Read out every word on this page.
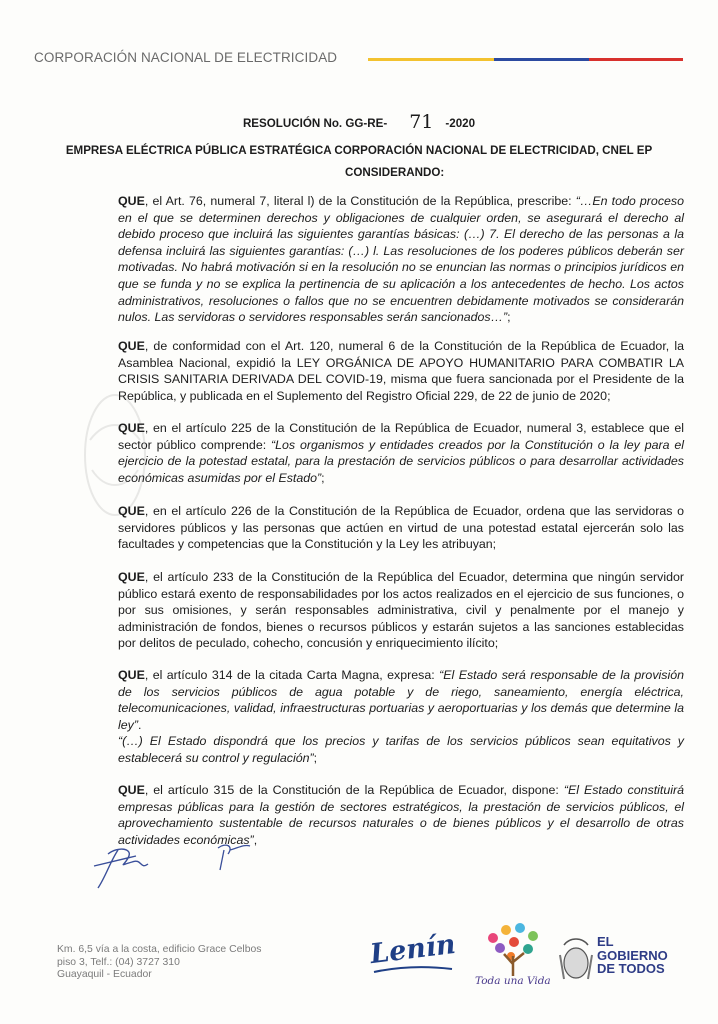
CORPORACIÓN NACIONAL DE ELECTRICIDAD
RESOLUCIÓN No. GG-RE- 71 -2020
EMPRESA ELÉCTRICA PÚBLICA ESTRATÉGICA CORPORACIÓN NACIONAL DE ELECTRICIDAD, CNEL EP
CONSIDERANDO:

QUE, el Art. 76, numeral 7, literal l) de la Constitución de la República, prescribe: “…En todo proceso en el que se determinen derechos y obligaciones de cualquier orden, se asegurará el derecho al debido proceso que incluirá las siguientes garantías básicas: (…) 7. El derecho de las personas a la defensa incluirá las siguientes garantías: (…) l. Las resoluciones de los poderes públicos deberán ser motivadas. No habrá motivación si en la resolución no se enuncian las normas o principios jurídicos en que se funda y no se explica la pertinencia de su aplicación a los antecedentes de hecho. Los actos administrativos, resoluciones o fallos que no se encuentren debidamente motivados se considerarán nulos. Las servidoras o servidores responsables serán sancionados…”;

QUE, de conformidad con el Art. 120, numeral 6 de la Constitución de la República de Ecuador, la Asamblea Nacional, expidió la LEY ORGÁNICA DE APOYO HUMANITARIO PARA COMBATIR LA CRISIS SANITARIA DERIVADA DEL COVID-19, misma que fuera sancionada por el Presidente de la República, y publicada en el Suplemento del Registro Oficial 229, de 22 de junio de 2020;

QUE, en el artículo 225 de la Constitución de la República de Ecuador, numeral 3, establece que el sector público comprende: “Los organismos y entidades creados por la Constitución o la ley para el ejercicio de la potestad estatal, para la prestación de servicios públicos o para desarrollar actividades económicas asumidas por el Estado”;

QUE, en el artículo 226 de la Constitución de la República de Ecuador, ordena que las servidoras o servidores públicos y las personas que actúen en virtud de una potestad estatal ejercerán solo las facultades y competencias que la Constitución y la Ley les atribuyan;

QUE, el artículo 233 de la Constitución de la República del Ecuador, determina que ningún servidor público estará exento de responsabilidades por los actos realizados en el ejercicio de sus funciones, o por sus omisiones, y serán responsables administrativa, civil y penalmente por el manejo y administración de fondos, bienes o recursos públicos y estarán sujetos a las sanciones establecidas por delitos de peculado, cohecho, concusión y enriquecimiento ilícito;

QUE, el artículo 314 de la citada Carta Magna, expresa: “El Estado será responsable de la provisión de los servicios públicos de agua potable y de riego, saneamiento, energía eléctrica, telecomunicaciones, validad, infraestructuras portuarias y aeroportuarias y los demás que determine la ley”.

“(…) El Estado dispondrá que los precios y tarifas de los servicios públicos sean equitativos y establecerá su control y regulación”;

QUE, el artículo 315 de la Constitución de la República de Ecuador, dispone: “El Estado constituirá empresas públicas para la gestión de sectores estratégicos, la prestación de servicios públicos, el aprovechamiento sustentable de recursos naturales o de bienes públicos y el desarrollo de otras actividades económicas”,

Km. 6,5 vía a la costa, edificio Grace Celbos
piso 3, Telf.: (04) 3727 310
Guayaquil - Ecuador
Lenín
Toda una Vida
EL
GOBIERNO
DE TODOS
